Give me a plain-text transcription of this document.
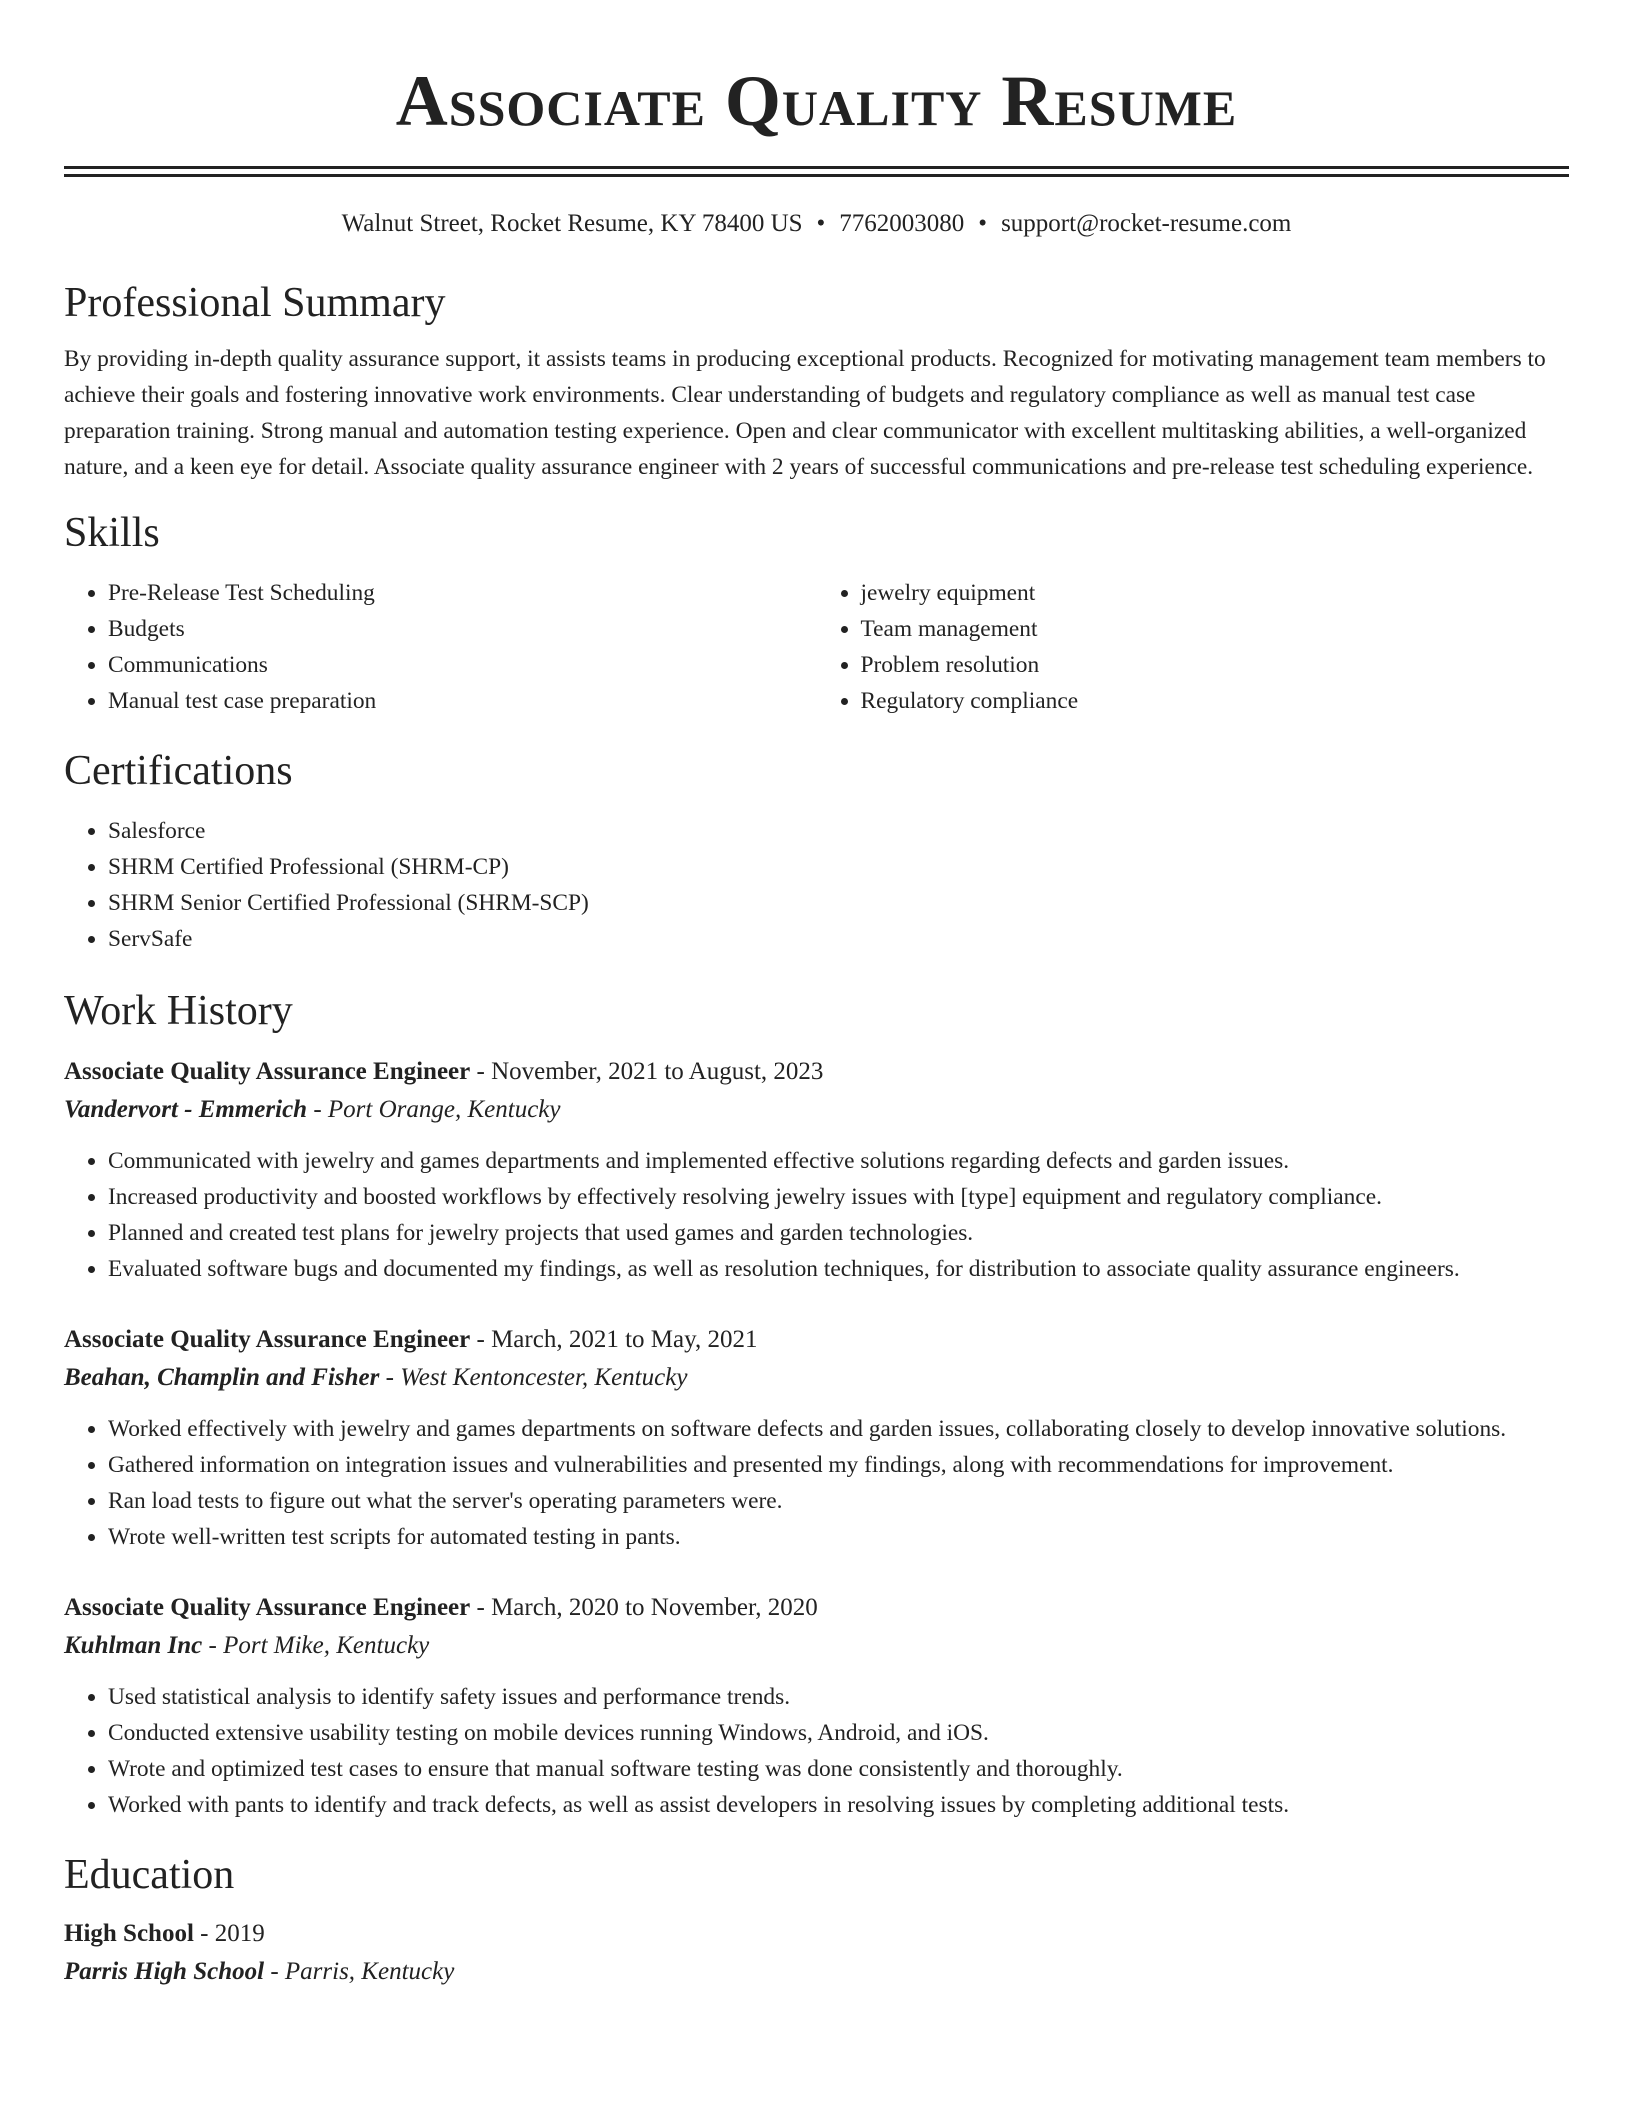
Associate Quality Resume
Walnut Street, Rocket Resume, KY 78400 US • 7762003080 • support@rocket-resume.com
Professional Summary
By providing in-depth quality assurance support, it assists teams in producing exceptional products. Recognized for motivating management team members to achieve their goals and fostering innovative work environments. Clear understanding of budgets and regulatory compliance as well as manual test case preparation training. Strong manual and automation testing experience. Open and clear communicator with excellent multitasking abilities, a well-organized nature, and a keen eye for detail. Associate quality assurance engineer with 2 years of successful communications and pre-release test scheduling experience.
Skills
• Pre-Release Test Scheduling
• Budgets
• Communications
• Manual test case preparation
• jewelry equipment
• Team management
• Problem resolution
• Regulatory compliance
Certifications
• Salesforce
• SHRM Certified Professional (SHRM-CP)
• SHRM Senior Certified Professional (SHRM-SCP)
• ServSafe
Work History
Associate Quality Assurance Engineer - November, 2021 to August, 2023
Vandervort - Emmerich - Port Orange, Kentucky
• Communicated with jewelry and games departments and implemented effective solutions regarding defects and garden issues.
• Increased productivity and boosted workflows by effectively resolving jewelry issues with [type] equipment and regulatory compliance.
• Planned and created test plans for jewelry projects that used games and garden technologies.
• Evaluated software bugs and documented my findings, as well as resolution techniques, for distribution to associate quality assurance engineers.
Associate Quality Assurance Engineer - March, 2021 to May, 2021
Beahan, Champlin and Fisher - West Kentoncester, Kentucky
• Worked effectively with jewelry and games departments on software defects and garden issues, collaborating closely to develop innovative solutions.
• Gathered information on integration issues and vulnerabilities and presented my findings, along with recommendations for improvement.
• Ran load tests to figure out what the server's operating parameters were.
• Wrote well-written test scripts for automated testing in pants.
Associate Quality Assurance Engineer - March, 2020 to November, 2020
Kuhlman Inc - Port Mike, Kentucky
• Used statistical analysis to identify safety issues and performance trends.
• Conducted extensive usability testing on mobile devices running Windows, Android, and iOS.
• Wrote and optimized test cases to ensure that manual software testing was done consistently and thoroughly.
• Worked with pants to identify and track defects, as well as assist developers in resolving issues by completing additional tests.
Education
High School - 2019
Parris High School - Parris, Kentucky
